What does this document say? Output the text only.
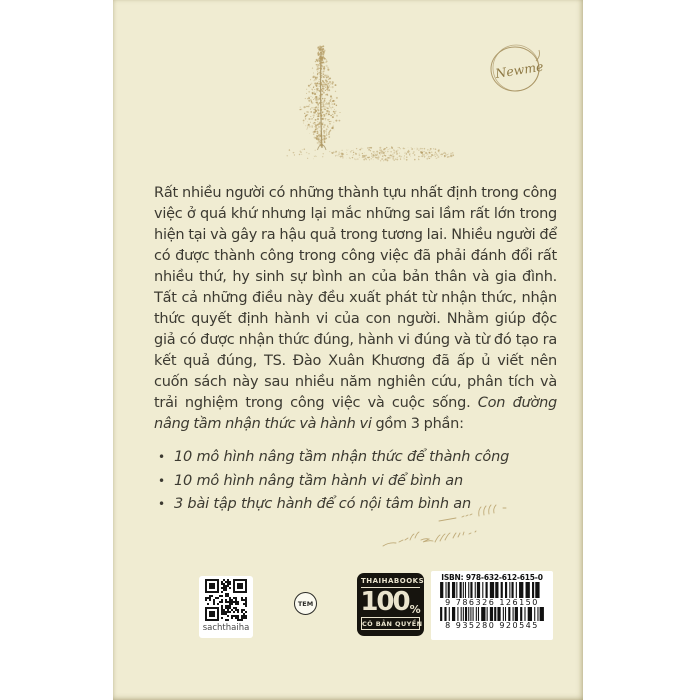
Newme

Rất nhiều người có những thành tựu nhất định trong công việc ở quá khứ nhưng lại mắc những sai lầm rất lớn trong hiện tại và gây ra hậu quả trong tương lai. Nhiều người để có được thành công trong công việc đã phải đánh đổi rất nhiều thứ, hy sinh sự bình an của bản thân và gia đình. Tất cả những điều này đều xuất phát từ nhận thức, nhận thức quyết định hành vi của con người. Nhằm giúp độc giả có được nhận thức đúng, hành vi đúng và từ đó tạo ra kết quả đúng, TS. Đào Xuân Khương đã ấp ủ viết nên cuốn sách này sau nhiều năm nghiên cứu, phân tích và trải nghiệm trong công việc và cuộc sống. Con đường nâng tầm nhận thức và hành vi gồm 3 phần:

• 10 mô hình nâng tầm nhận thức để thành công
• 10 mô hình nâng tầm hành vi để bình an
• 3 bài tập thực hành để có nội tâm bình an
sachthaiha
TEM
THAIHABOOKS
100 %
CÓ BẢN QUYỀN
ISBN: 978-632-612-615-0
9 786326 126150
8 935280 920545
